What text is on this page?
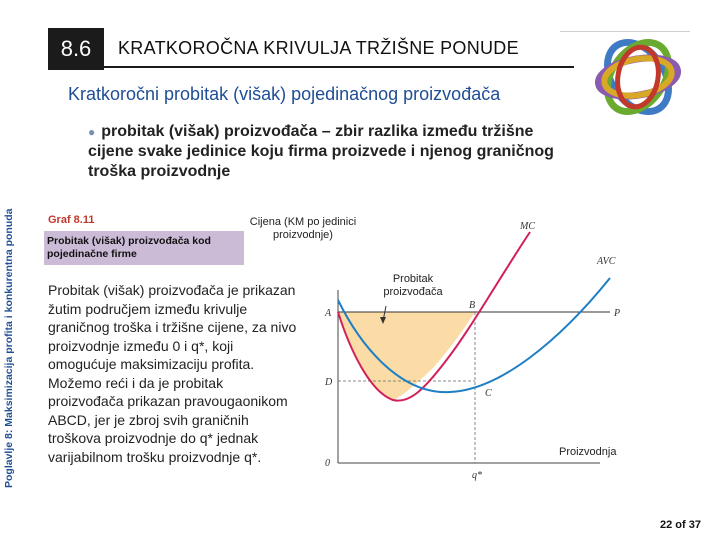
8.6 KRATKOROČNA KRIVULJA TRŽIŠNE PONUDE
Kratkoročni probitak (višak) pojedinačnog proizvođača
Poglavlje 8: Maksimizacija profita i konkurentna ponuda
● probitak (višak) proizvođača – zbir razlika između tržišne cijene svake jedinice koju firma proizvede i njenog graničnog troška proizvodnje
Graf 8.11
Probitak (višak) proizvođača kod pojedinačne firme
Probitak (višak) proizvođača je prikazan žutim područjem između krivulje graničnog troška i tržišne cijene, za nivo proizvodnje između 0 i q*, koji omogućuje maksimizaciju profita. Možemo reći i da je probitak proizvođača prikazan pravougaonikom ABCD, jer je zbroj svih graničnih troškova proizvodnje do q* jednak varijabilnom trošku proizvodnje q*.
MC
AVC
A
B
C
D
P
0
q*
Cijena (KM po jedinici proizvodnje)
Probitak proizvođača
Proizvodnja
22 of 37
